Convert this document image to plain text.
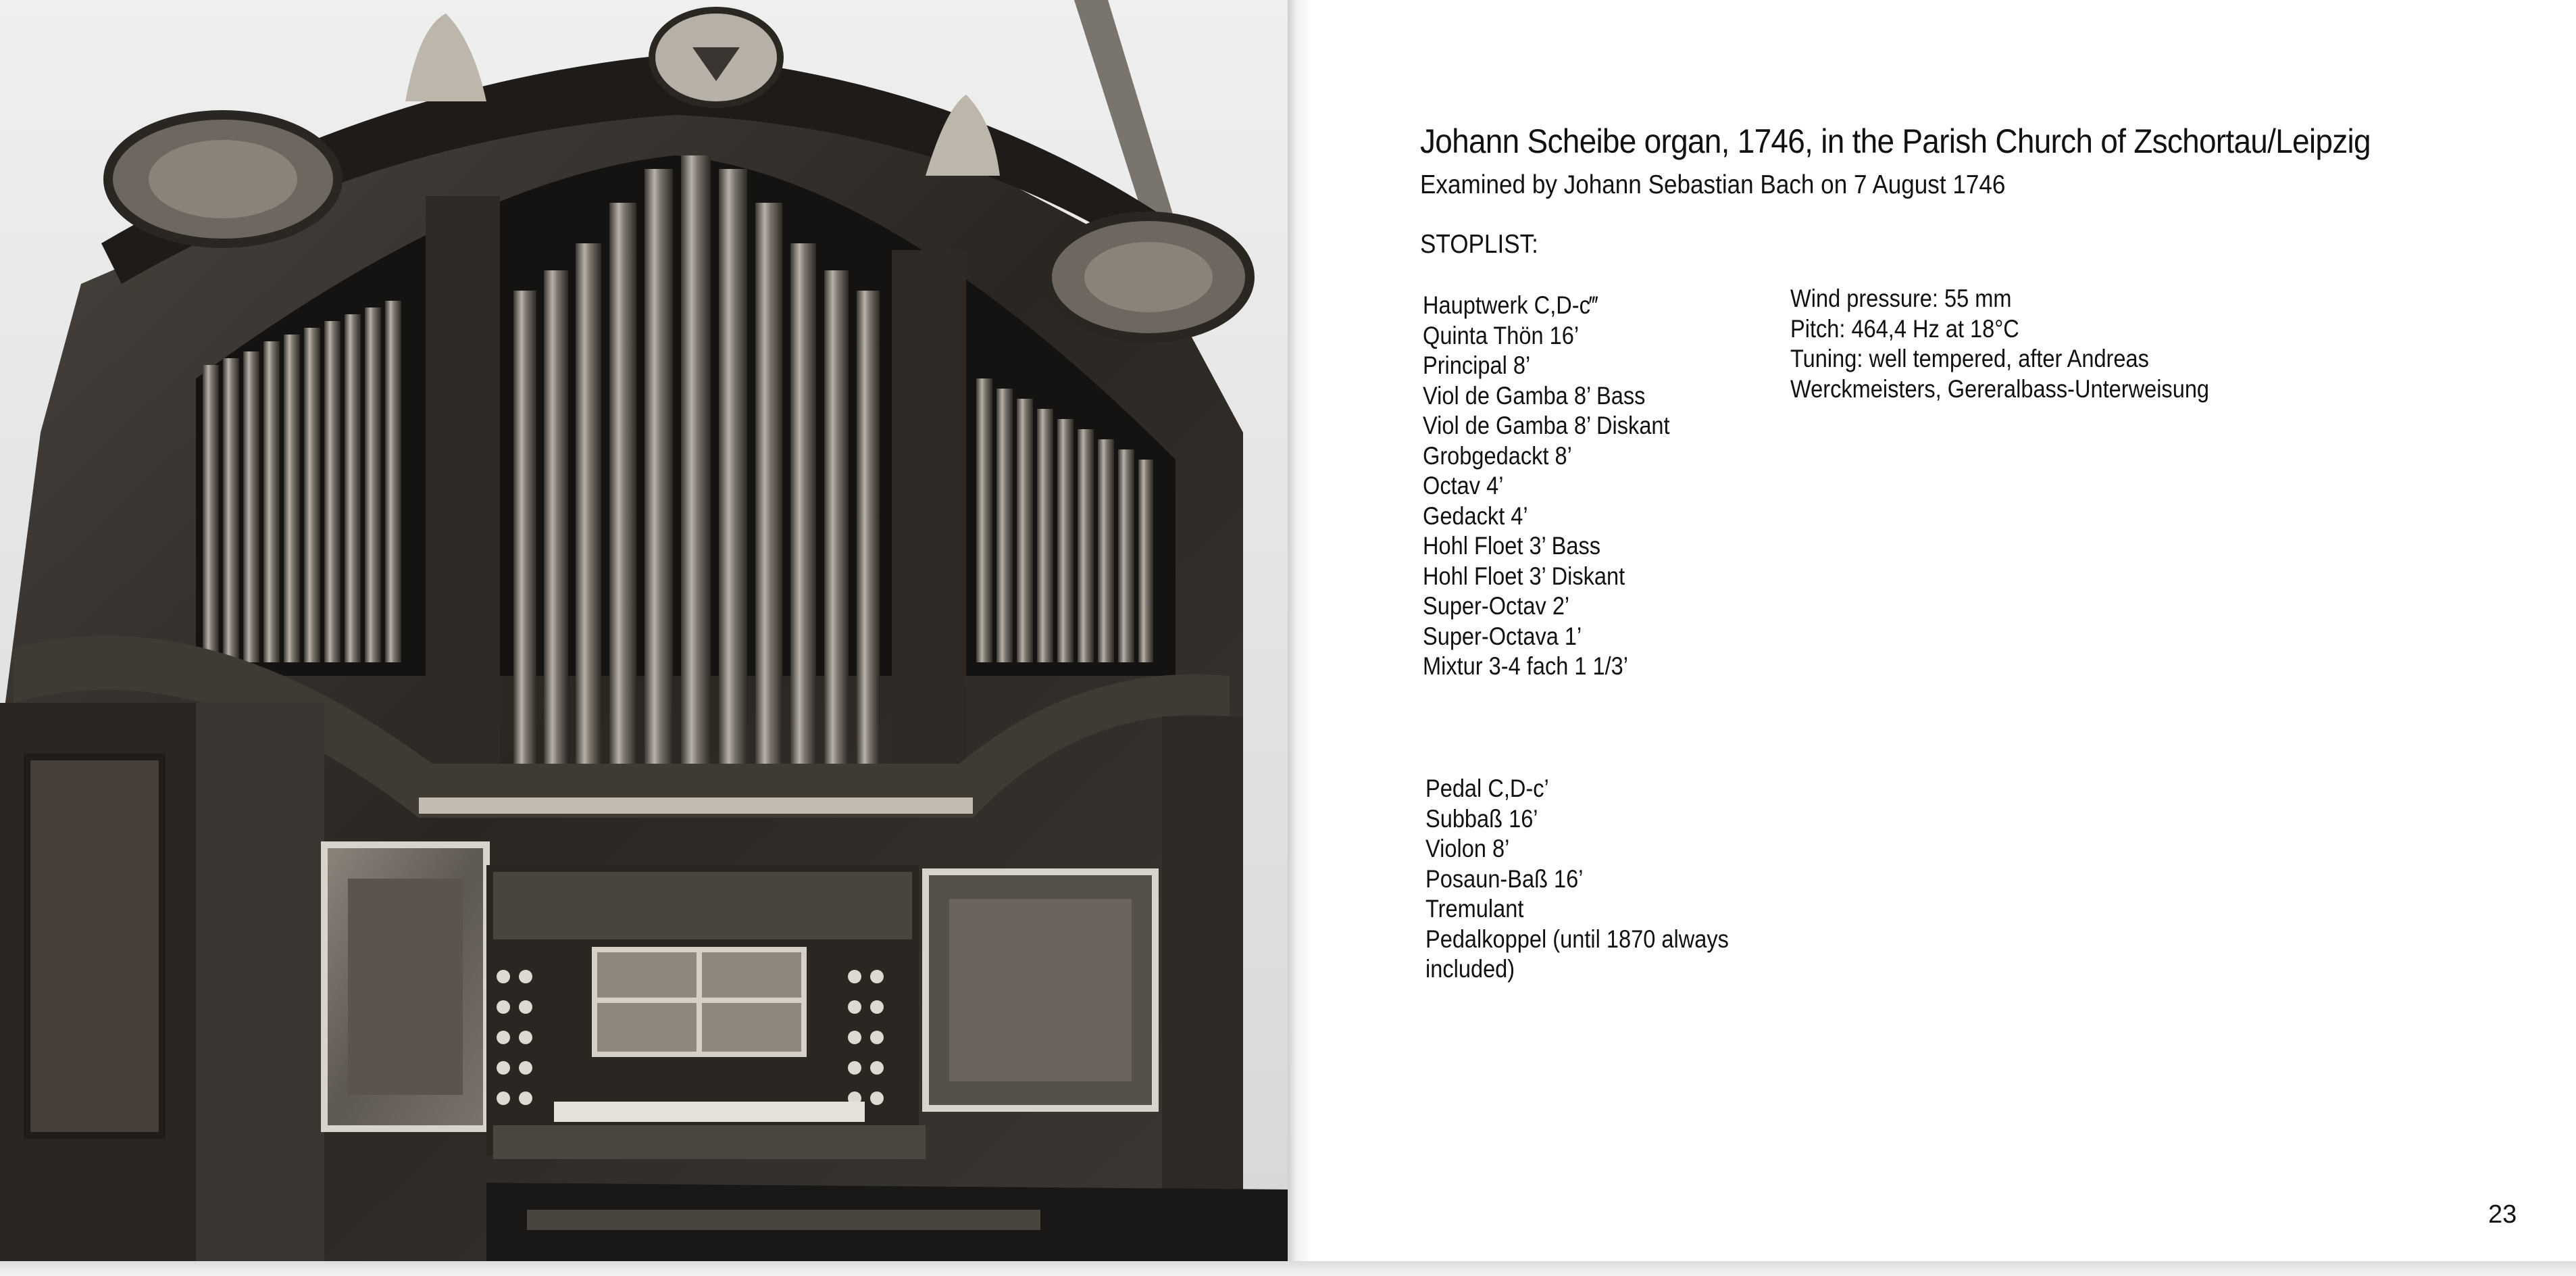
Johann Scheibe organ, 1746, in the Parish Church of Zschortau/Leipzig
Examined by Johann Sebastian Bach on 7 August 1746
STOPLIST:
Hauptwerk C,D-c‴
Quinta Thön 16’
Principal 8’
Viol de Gamba 8’ Bass
Viol de Gamba 8’ Diskant
Grobgedackt 8’
Octav 4’
Gedackt 4’
Hohl Floet 3’ Bass
Hohl Floet 3’ Diskant
Super-Octav 2’
Super-Octava 1’
Mixtur 3-4 fach 1 1/3’
Wind pressure: 55 mm
Pitch: 464,4 Hz at 18°C
Tuning: well tempered, after Andreas
Werckmeisters, Gereralbass-Unterweisung
Pedal C,D-c’
Subbaß 16’
Violon 8’
Posaun-Baß 16’
Tremulant
Pedalkoppel (until 1870 always
included)
23
